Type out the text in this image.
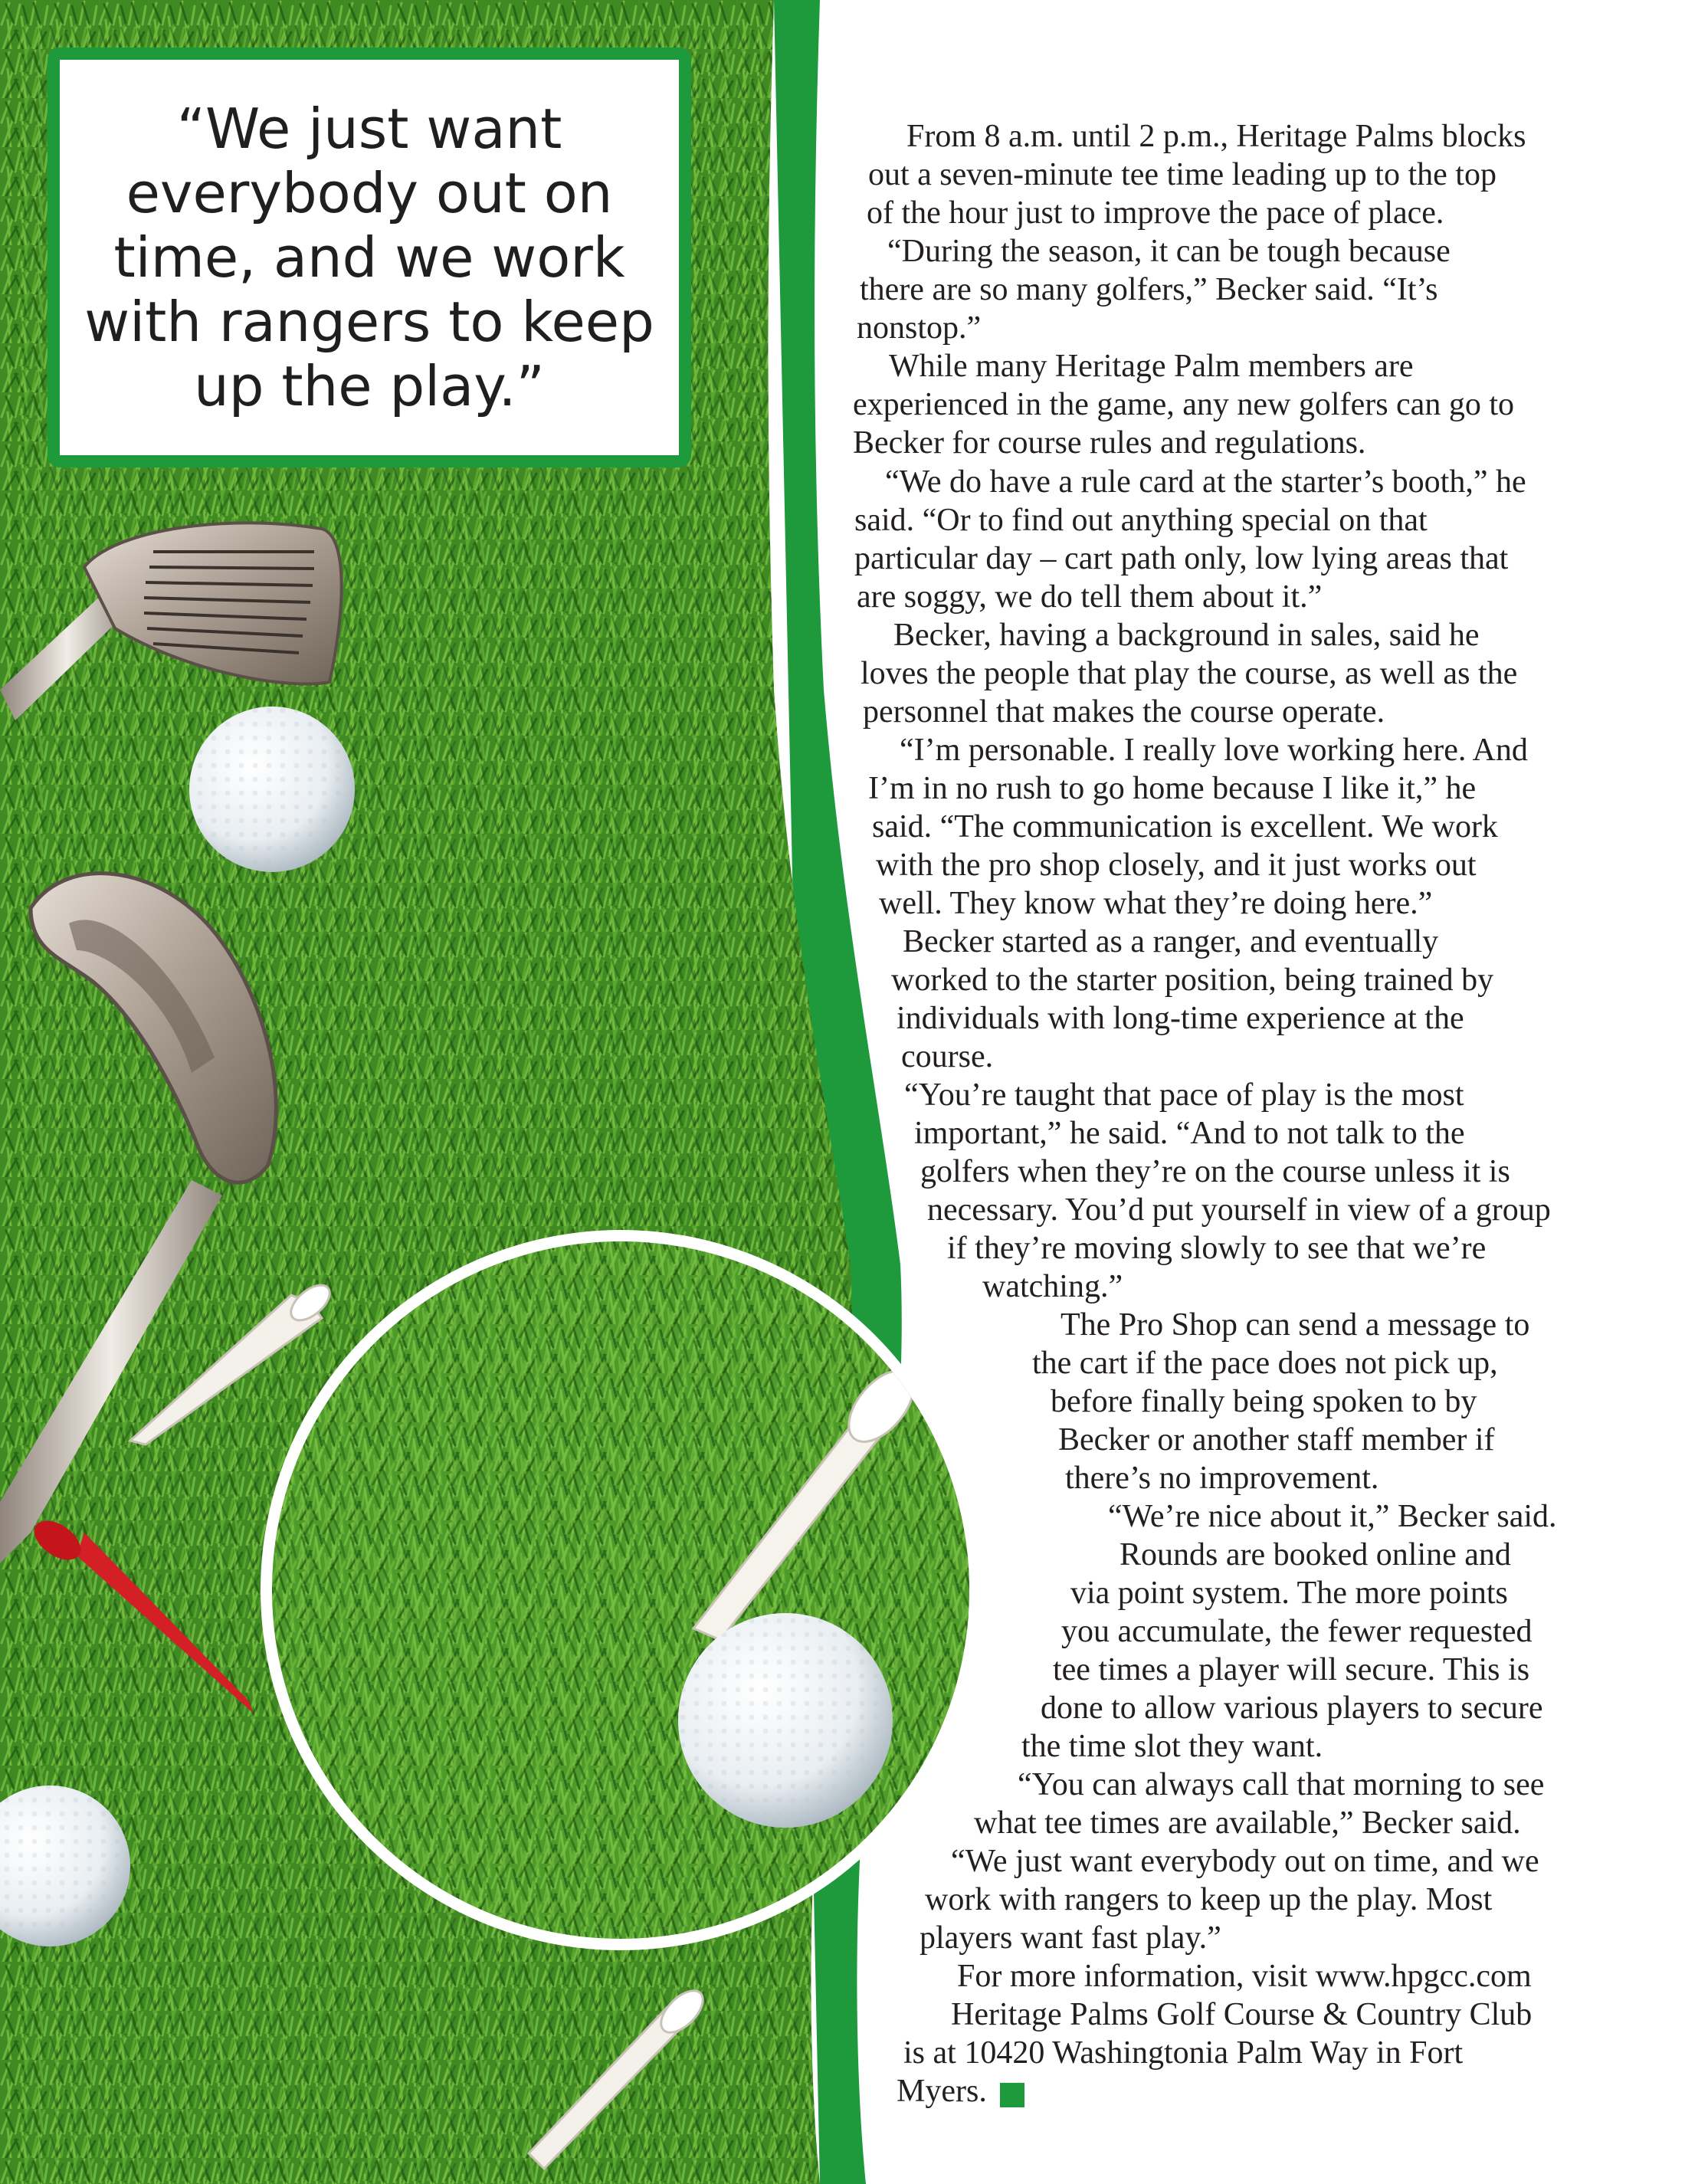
“We just want everybody out on time, and we work with rangers to keep up the play.”

From 8 a.m. until 2 p.m., Heritage Palms blocks

out a seven-minute tee time leading up to the top

of the hour just to improve the pace of place.

“During the season, it can be tough because

there are so many golfers,” Becker said. “It’s

nonstop.”

While many Heritage Palm members are

experienced in the game, any new golfers can go to

Becker for course rules and regulations.

“We do have a rule card at the starter’s booth,” he

said. “Or to find out anything special on that

particular day – cart path only, low lying areas that

are soggy, we do tell them about it.”

Becker, having a background in sales, said he

loves the people that play the course, as well as the

personnel that makes the course operate.

“I’m personable. I really love working here. And

I’m in no rush to go home because I like it,” he

said. “The communication is excellent. We work

with the pro shop closely, and it just works out

well. They know what they’re doing here.”

Becker started as a ranger, and eventually

worked to the starter position, being trained by

individuals with long-time experience at the

course.

“You’re taught that pace of play is the most

important,” he said. “And to not talk to the

golfers when they’re on the course unless it is

necessary. You’d put yourself in view of a group

if they’re moving slowly to see that we’re

watching.”

The Pro Shop can send a message to

the cart if the pace does not pick up,

before finally being spoken to by

Becker or another staff member if

there’s no improvement.

“We’re nice about it,” Becker said.

Rounds are booked online and

via point system. The more points

you accumulate, the fewer requested

tee times a player will secure. This is

done to allow various players to secure

the time slot they want.

“You can always call that morning to see

what tee times are available,” Becker said.

“We just want everybody out on time, and we

work with rangers to keep up the play. Most

players want fast play.”

For more information, visit www.hpgcc.com

Heritage Palms Golf Course & Country Club

is at 10420 Washingtonia Palm Way in Fort

Myers.
